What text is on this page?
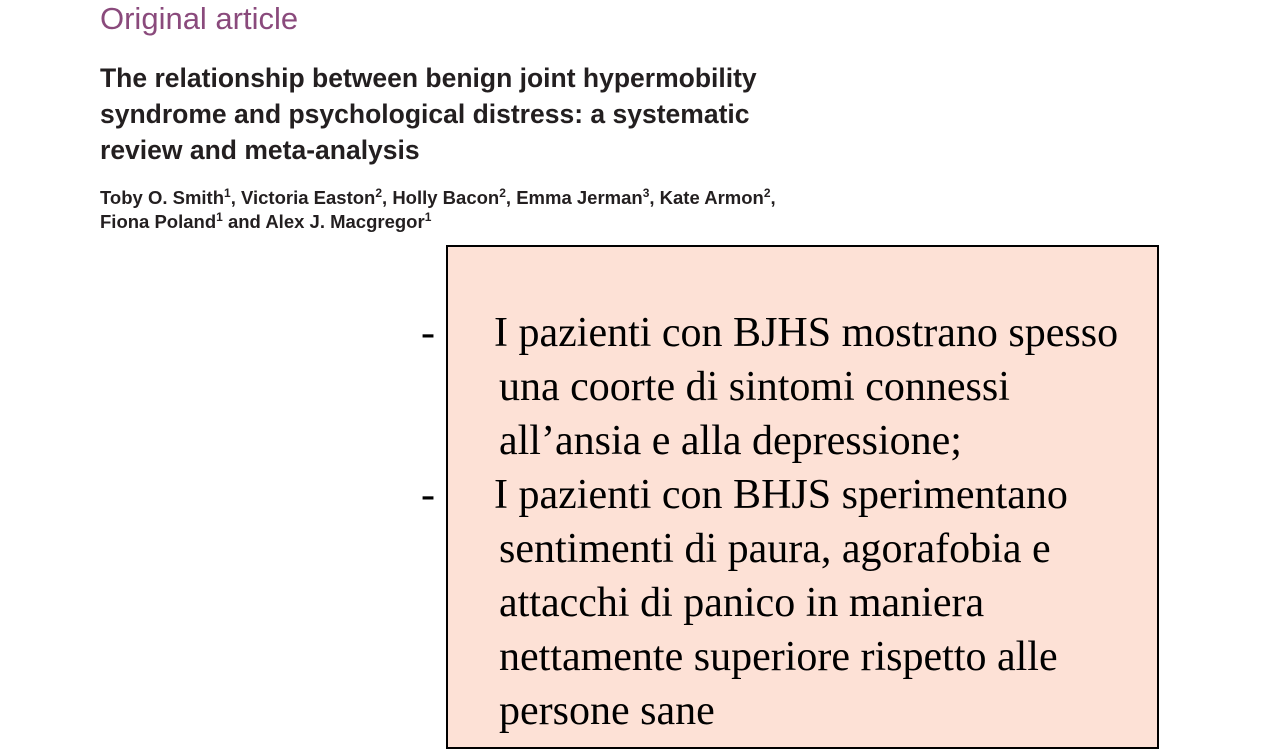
Original article
The relationship between benign joint hypermobility
syndrome and psychological distress: a systematic
review and meta-analysis
Toby O. Smith$^1$, Victoria Easton$^2$, Holly Bacon$^2$, Emma Jerman$^3$, Kate Armon$^2$,
Fiona Poland$^1$ and Alex J. Macgregor$^1$
- I pazienti con BJHS mostrano spesso
una coorte di sintomi connessi
all’ansia e alla depressione;
- I pazienti con BHJS sperimentano
sentimenti di paura, agorafobia e
attacchi di panico in maniera
nettamente superiore rispetto alle
persone sane
